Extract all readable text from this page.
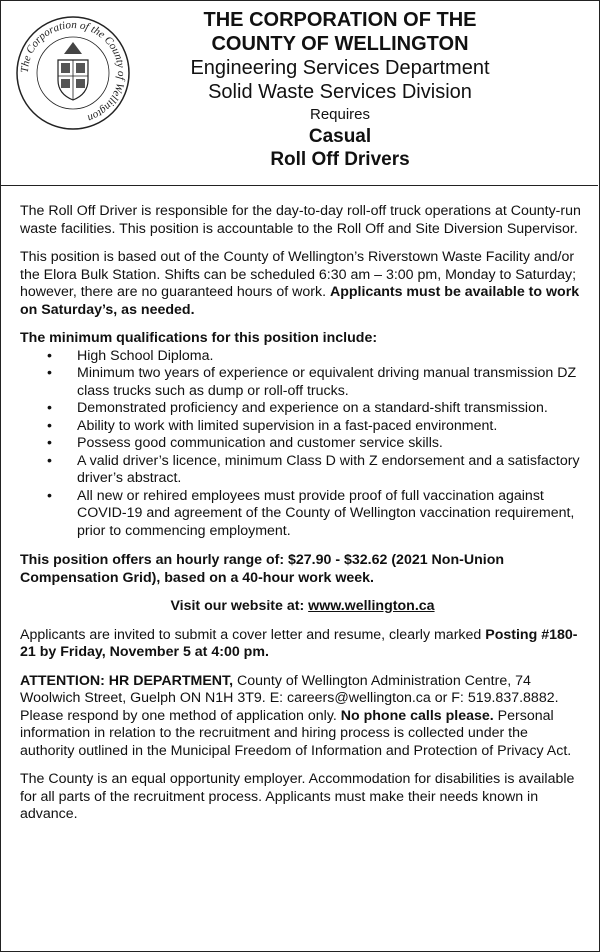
The Corporation of the County of Wellington
THE CORPORATION OF THE
COUNTY OF WELLINGTON
Engineering Services Department
Solid Waste Services Division
Requires
Casual
Roll Off Drivers

The Roll Off Driver is responsible for the day-to-day roll-off truck operations at County-run waste facilities. This position is accountable to the Roll Off and Site Diversion Supervisor.

This position is based out of the County of Wellington’s Riverstown Waste Facility and/or the Elora Bulk Station. Shifts can be scheduled 6:30 am – 3:00 pm, Monday to Saturday; however, there are no guaranteed hours of work. Applicants must be available to work on Saturday’s, as needed.

The minimum qualifications for this position include:
• High School Diploma.
• Minimum two years of experience or equivalent driving manual transmission DZ class trucks such as dump or roll-off trucks.
• Demonstrated proficiency and experience on a standard-shift transmission.
• Ability to work with limited supervision in a fast-paced environment.
• Possess good communication and customer service skills.
• A valid driver’s licence, minimum Class D with Z endorsement and a satisfactory driver’s abstract.
• All new or rehired employees must provide proof of full vaccination against COVID-19 and agreement of the County of Wellington vaccination requirement, prior to commencing employment.

This position offers an hourly range of: $27.90 - $32.62 (2021 Non-Union Compensation Grid), based on a 40-hour work week.

Visit our website at: www.wellington.ca

Applicants are invited to submit a cover letter and resume, clearly marked Posting #180-21 by Friday, November 5 at 4:00 pm.

ATTENTION: HR DEPARTMENT, County of Wellington Administration Centre, 74 Woolwich Street, Guelph ON N1H 3T9. E: careers@wellington.ca or F: 519.837.8882. Please respond by one method of application only. No phone calls please. Personal information in relation to the recruitment and hiring process is collected under the authority outlined in the Municipal Freedom of Information and Protection of Privacy Act.

The County is an equal opportunity employer. Accommodation for disabilities is available for all parts of the recruitment process. Applicants must make their needs known in advance.
